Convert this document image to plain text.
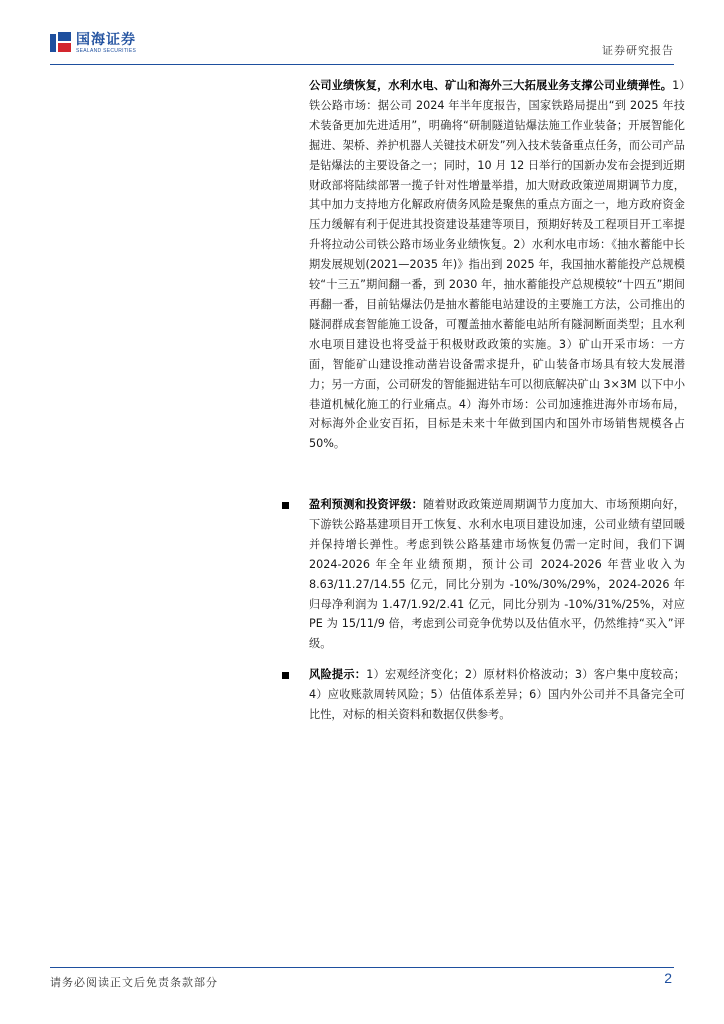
国海证券
SEALAND SECURITIES	证券研究报告
公司业绩恢复，水利水电、矿山和海外三大拓展业务支撑公司业绩弹性。1）铁公路市场：据公司 2024 年半年度报告，国家铁路局提出“到 2025 年技术装备更加先进适用”，明确将“研制隧道钻爆法施工作业装备；开展智能化掘进、架桥、养护机器人关键技术研发”列入技术装备重点任务，而公司产品是钻爆法的主要设备之一；同时，10 月 12 日举行的国新办发布会提到近期财政部将陆续部署一揽子针对性增量举措，加大财政政策逆周期调节力度，其中加力支持地方化解政府债务风险是聚焦的重点方面之一，地方政府资金压力缓解有利于促进其投资建设基建等项目，预期好转及工程项目开工率提升将拉动公司铁公路市场业务业绩恢复。2）水利水电市场：《抽水蓄能中长期发展规划(2021—2035 年)》指出到 2025 年，我国抽水蓄能投产总规模较“十三五”期间翻一番，到 2030 年，抽水蓄能投产总规模较“十四五”期间再翻一番，目前钻爆法仍是抽水蓄能电站建设的主要施工方法，公司推出的隧洞群成套智能施工设备，可覆盖抽水蓄能电站所有隧洞断面类型；且水利水电项目建设也将受益于积极财政政策的实施。3）矿山开采市场：一方面，智能矿山建设推动凿岩设备需求提升，矿山装备市场具有较大发展潜力；另一方面，公司研发的智能掘进钻车可以彻底解决矿山 3×3M 以下中小巷道机械化施工的行业痛点。4）海外市场：公司加速推进海外市场布局，对标海外企业安百拓，目标是未来十年做到国内和国外市场销售规模各占 50%。
盈利预测和投资评级：随着财政政策逆周期调节力度加大、市场预期向好，下游铁公路基建项目开工恢复、水利水电项目建设加速，公司业绩有望回暖并保持增长弹性。考虑到铁公路基建市场恢复仍需一定时间，我们下调 2024-2026 年全年业绩预期，预计公司 2024-2026 年营业收入为 8.63/11.27/14.55 亿元，同比分别为 -10%/30%/29%，2024-2026 年归母净利润为 1.47/1.92/2.41 亿元，同比分别为 -10%/31%/25%，对应 PE 为 15/11/9 倍，考虑到公司竞争优势以及估值水平，仍然维持“买入”评级。
风险提示：1）宏观经济变化；2）原材料价格波动；3）客户集中度较高；4）应收账款周转风险；5）估值体系差异；6）国内外公司并不具备完全可比性，对标的相关资料和数据仅供参考。
请务必阅读正文后免责条款部分	2
